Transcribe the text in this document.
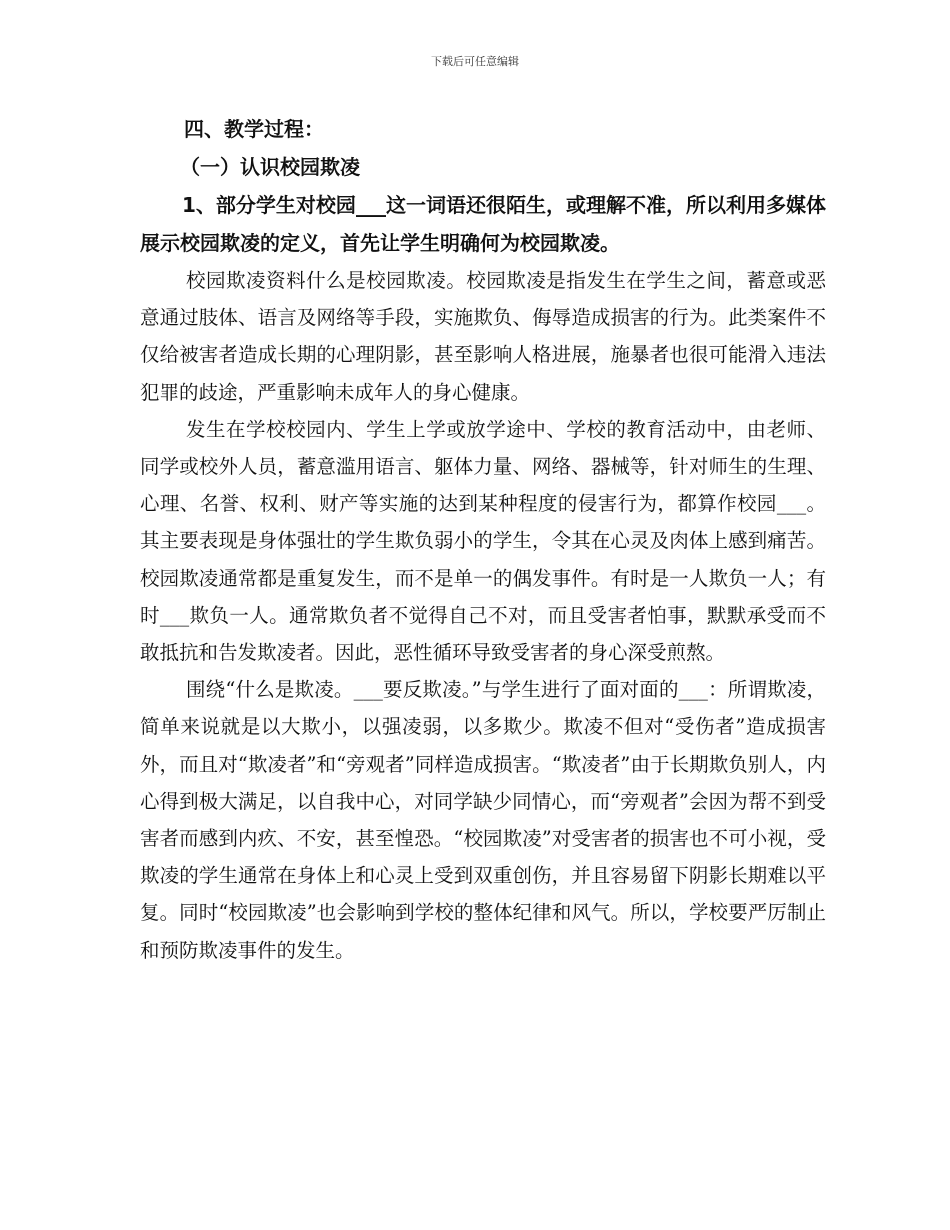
下载后可任意编辑

四、教学过程：

（一）认识校园欺凌

1、部分学生对校园___这一词语还很陌生，或理解不准，所以利用多媒体展示校园欺凌的定义，首先让学生明确何为校园欺凌。

校园欺凌资料什么是校园欺凌。校园欺凌是指发生在学生之间，蓄意或恶意通过肢体、语言及网络等手段，实施欺负、侮辱造成损害的行为。此类案件不仅给被害者造成长期的心理阴影，甚至影响人格进展，施暴者也很可能滑入违法犯罪的歧途，严重影响未成年人的身心健康。

发生在学校校园内、学生上学或放学途中、学校的教育活动中，由老师、同学或校外人员，蓄意滥用语言、躯体力量、网络、器械等，针对师生的生理、心理、名誉、权利、财产等实施的达到某种程度的侵害行为，都算作校园___。其主要表现是身体强壮的学生欺负弱小的学生，令其在心灵及肉体上感到痛苦。校园欺凌通常都是重复发生，而不是单一的偶发事件。有时是一人欺负一人；有时___欺负一人。通常欺负者不觉得自己不对，而且受害者怕事，默默承受而不敢抵抗和告发欺凌者。因此，恶性循环导致受害者的身心深受煎熬。

围绕“什么是欺凌。___要反欺凌。”与学生进行了面对面的___：所谓欺凌，简单来说就是以大欺小，以强凌弱，以多欺少。欺凌不但对“受伤者”造成损害外，而且对“欺凌者”和“旁观者”同样造成损害。“欺凌者”由于长期欺负别人，内心得到极大满足，以自我中心，对同学缺少同情心，而“旁观者”会因为帮不到受害者而感到内疚、不安，甚至惶恐。“校园欺凌”对受害者的损害也不可小视，受欺凌的学生通常在身体上和心灵上受到双重创伤，并且容易留下阴影长期难以平复。同时“校园欺凌”也会影响到学校的整体纪律和风气。所以，学校要严厉制止和预防欺凌事件的发生。
